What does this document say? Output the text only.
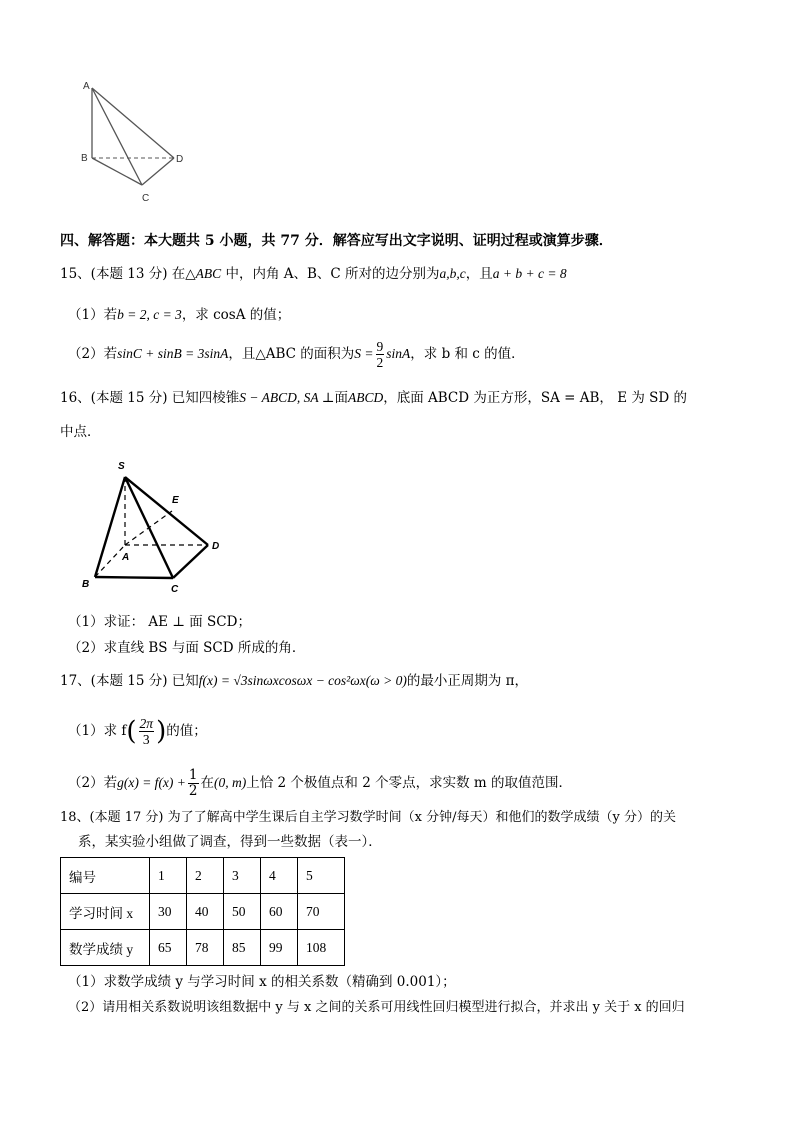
A
B
C
D
四、解答题：本大题共 5 小题，共 77 分．解答应写出文字说明、证明过程或演算步骤．
15、(本题 13 分) 在△ABC 中，内角 A、B、C 所对的边分别为a,b,c，且a + b + c = 8
（1）若b = 2, c = 3，求 cosA 的值；
（2）若sinC + sinB = 3sinA，且△ABC 的面积为$S = \frac{9}{2}$ sinA，求 b 和 c 的值．
16、(本题 15 分) 已知四棱锥S − ABCD, SA ⊥面ABCD，底面 ABCD 为正方形，SA = AB， E 为 SD 的
中点．
S
E
A
D
B	C
（1）求证： AE ⊥ 面 SCD；
（2）求直线 BS 与面 SCD 所成的角．
17、(本题 15 分) 已知f(x) = √3sinωxcosωx − cos²ωx(ω > 0)的最小正周期为 π，
（1）求 $f( \frac{2\pi}{3}$ )的值；
（2）若$g(x) = f(x) + \frac{1}{2}$ 在(0, m)上恰 2 个极值点和 2 个零点，求实数 m 的取值范围．
18、(本题 17 分) 为了了解高中学生课后自主学习数学时间（x 分钟/每天）和他们的数学成绩（y 分）的关
系，某实验小组做了调查，得到一些数据（表一）．
编号	1	2	3	4	5
学习时间 x	30	40	50	60	70
数学成绩 y	65	78	85	99	108
（1）求数学成绩 y 与学习时间 x 的相关系数（精确到 0.001）；
（2）请用相关系数说明该组数据中 y 与 x 之间的关系可用线性回归模型进行拟合，并求出 y 关于 x 的回归
